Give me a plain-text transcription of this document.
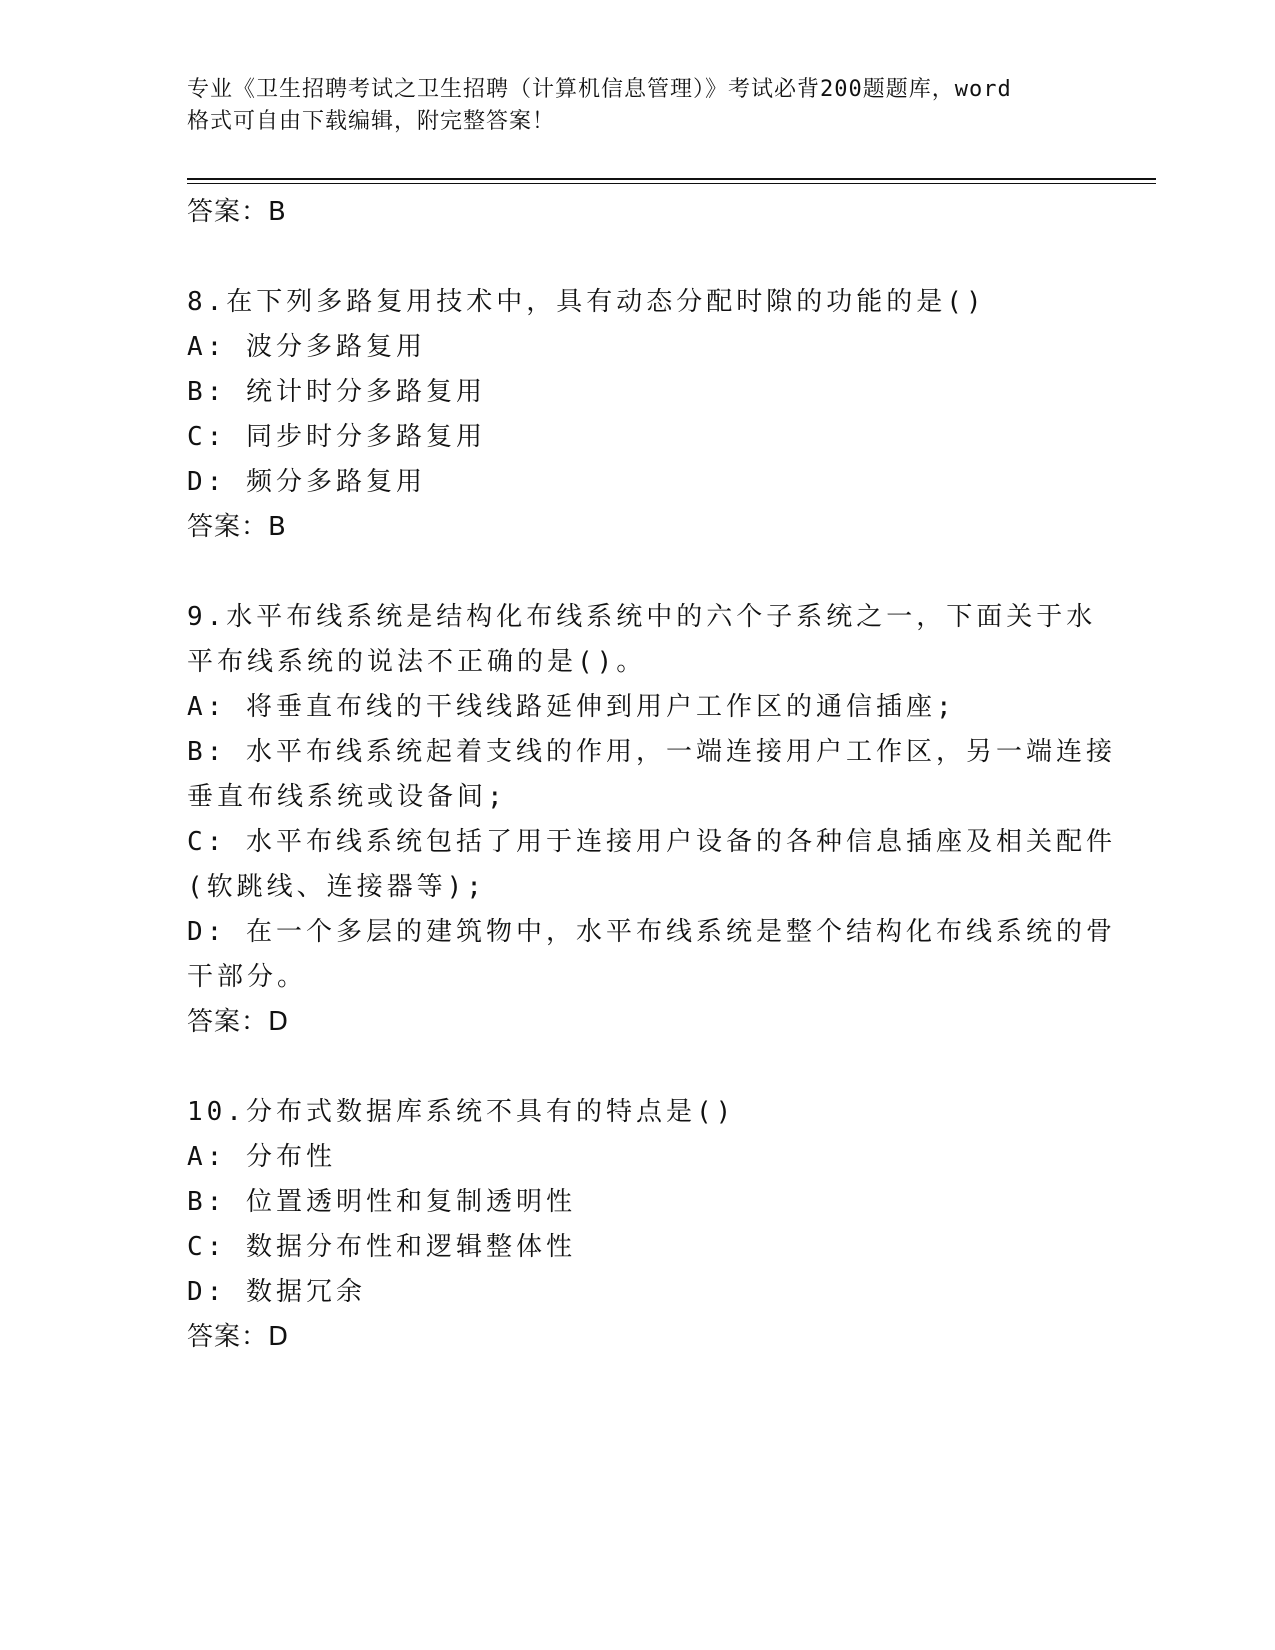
专业《卫生招聘考试之卫生招聘（计算机信息管理）》考试必背200题题库，word
格式可自由下载编辑，附完整答案！
答案：B
8.在下列多路复用技术中，具有动态分配时隙的功能的是()
A: 波分多路复用
B: 统计时分多路复用
C: 同步时分多路复用
D: 频分多路复用
答案：B
9.水平布线系统是结构化布线系统中的六个子系统之一，下面关于水
平布线系统的说法不正确的是()。
A: 将垂直布线的干线线路延伸到用户工作区的通信插座;
B: 水平布线系统起着支线的作用，一端连接用户工作区，另一端连接
垂直布线系统或设备间;
C: 水平布线系统包括了用于连接用户设备的各种信息插座及相关配件
(软跳线、连接器等);
D: 在一个多层的建筑物中，水平布线系统是整个结构化布线系统的骨
干部分。
答案：D
10.分布式数据库系统不具有的特点是()
A: 分布性
B: 位置透明性和复制透明性
C: 数据分布性和逻辑整体性
D: 数据冗余
答案：D
